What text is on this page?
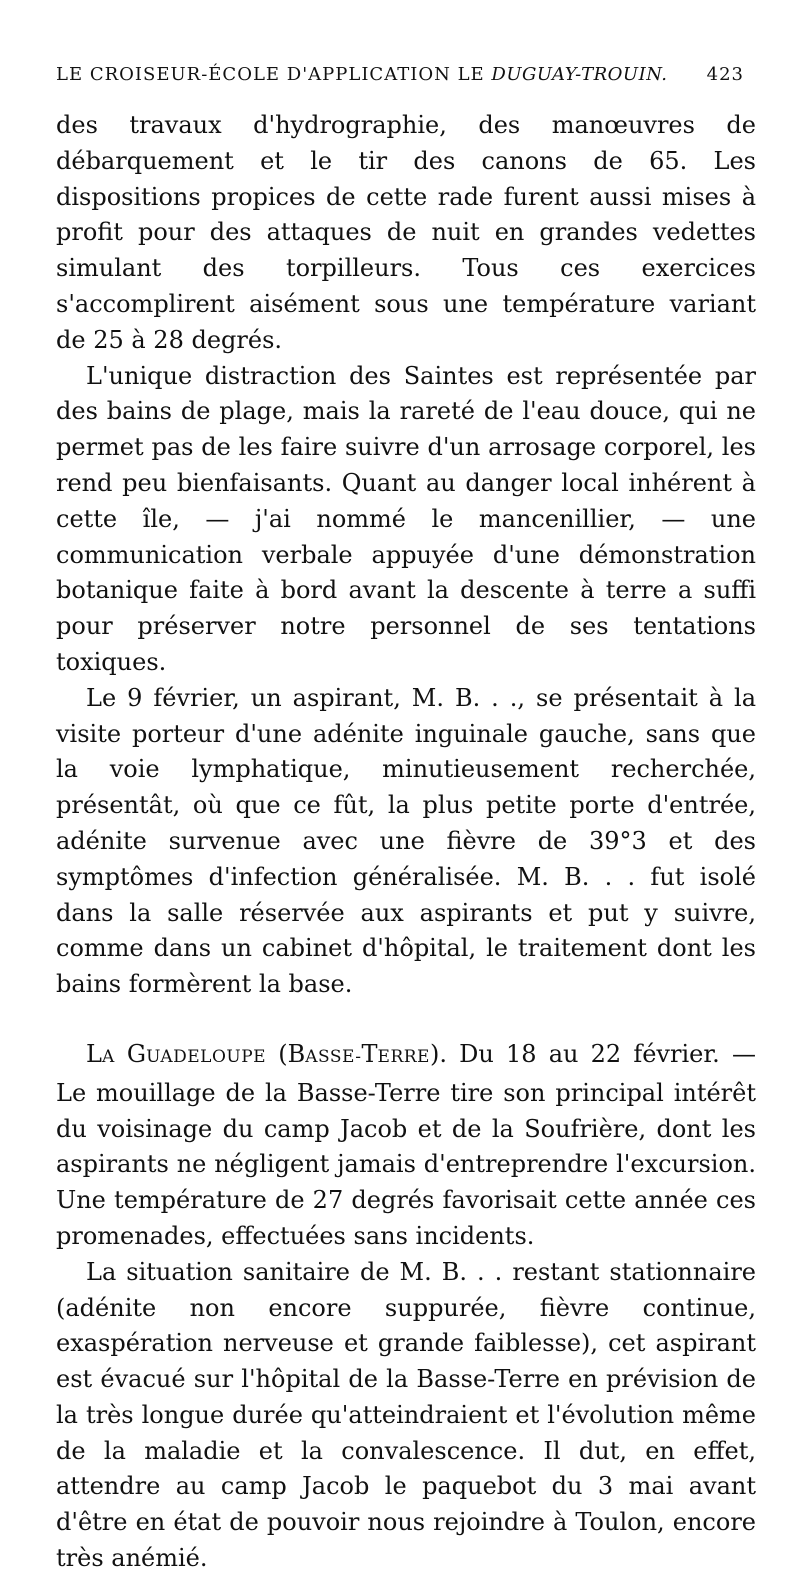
LE CROISEUR-ÉCOLE D'APPLICATION LE DUGUAY-TROUIN. 423

des travaux d'hydrographie, des manœuvres de débarquement et le tir des canons de 65. Les dispositions propices de cette rade furent aussi mises à profit pour des attaques de nuit en grandes vedettes simulant des torpilleurs. Tous ces exercices s'accomplirent aisément sous une température variant de 25 à 28 degrés.

L'unique distraction des Saintes est représentée par des bains de plage, mais la rareté de l'eau douce, qui ne permet pas de les faire suivre d'un arrosage corporel, les rend peu bienfaisants. Quant au danger local inhérent à cette île, — j'ai nommé le mancenillier, — une communication verbale appuyée d'une démonstration botanique faite à bord avant la descente à terre a suffi pour préserver notre personnel de ses tentations toxiques.

Le 9 février, un aspirant, M. B. . ., se présentait à la visite porteur d'une adénite inguinale gauche, sans que la voie lymphatique, minutieusement recherchée, présentât, où que ce fût, la plus petite porte d'entrée, adénite survenue avec une fièvre de 39°3 et des symptômes d'infection généralisée. M. B. . . fut isolé dans la salle réservée aux aspirants et put y suivre, comme dans un cabinet d'hôpital, le traitement dont les bains formèrent la base.

LA GUADELOUPE (BASSE-TERRE). Du 18 au 22 février. — Le mouillage de la Basse-Terre tire son principal intérêt du voisinage du camp Jacob et de la Soufrière, dont les aspirants ne négligent jamais d'entreprendre l'excursion. Une température de 27 degrés favorisait cette année ces promenades, effectuées sans incidents.

La situation sanitaire de M. B. . . restant stationnaire (adénite non encore suppurée, fièvre continue, exaspération nerveuse et grande faiblesse), cet aspirant est évacué sur l'hôpital de la Basse-Terre en prévision de la très longue durée qu'atteindraient et l'évolution même de la maladie et la convalescence. Il dut, en effet, attendre au camp Jacob le paquebot du 3 mai avant d'être en état de pouvoir nous rejoindre à Toulon, encore très anémié.
